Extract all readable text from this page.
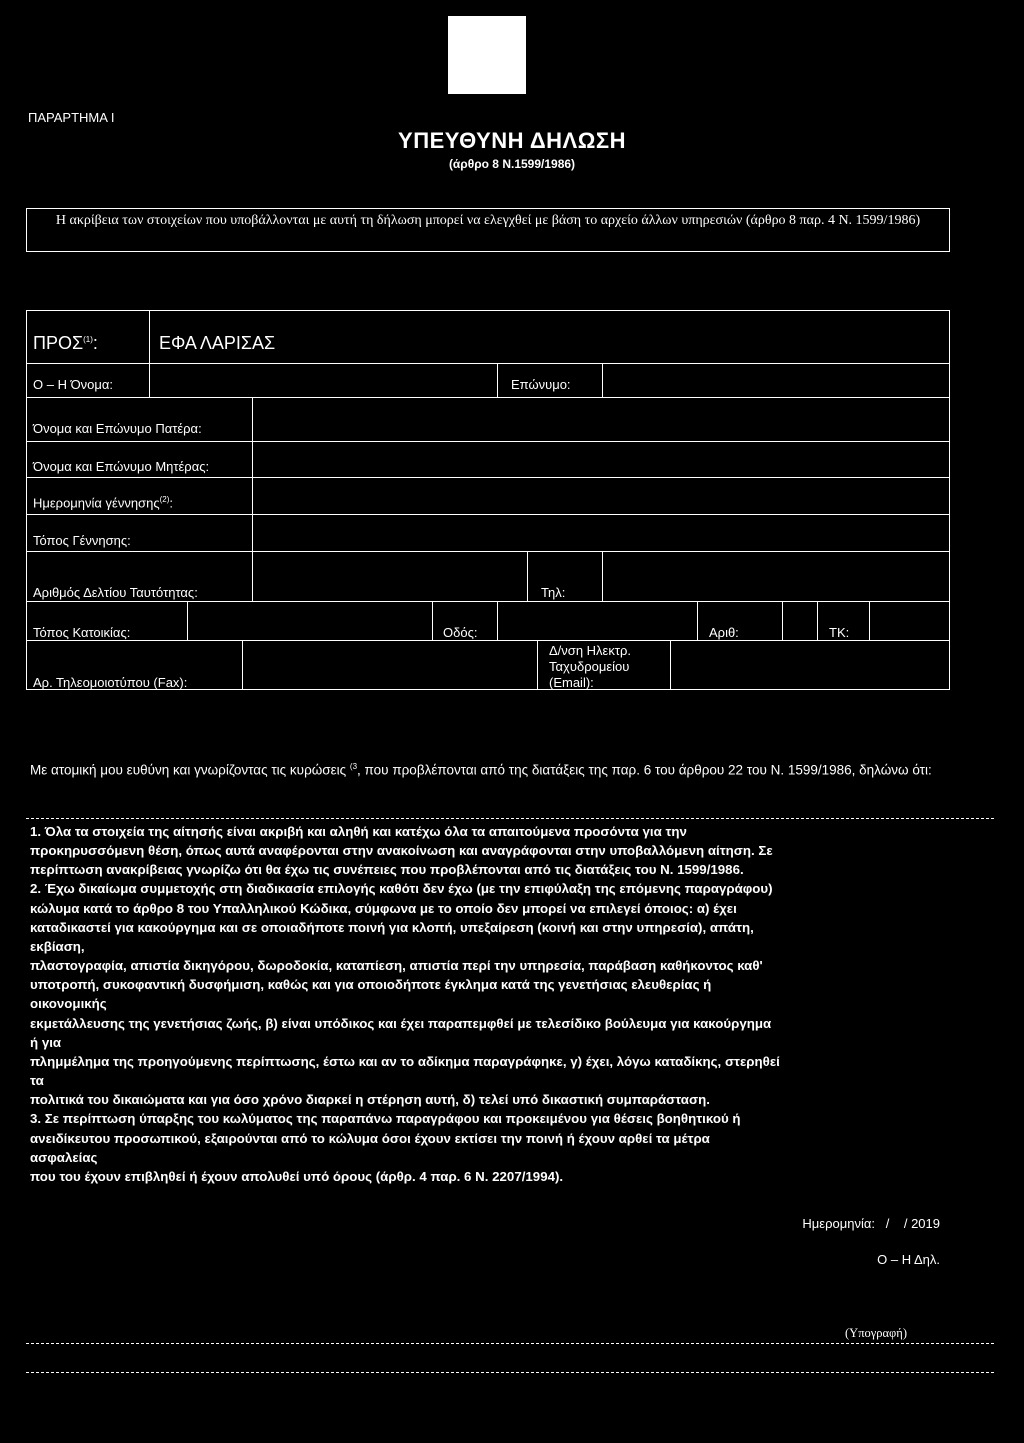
ΠΑΡΑΡΤΗΜΑ Ι
ΥΠΕΥΘΥΝΗ ΔΗΛΩΣΗ
(άρθρο 8 Ν.1599/1986)
Η ακρίβεια των στοιχείων που υποβάλλονται με αυτή τη δήλωση μπορεί να ελεγχθεί με βάση το αρχείο άλλων υπηρεσιών (άρθρο 8 παρ. 4 Ν. 1599/1986)
ΠΡΟΣ$^{(1)}$:	ΕΦΑ ΛΑΡΙΣΑΣ
Ο – Η Όνομα:	Επώνυμο:
Όνομα και Επώνυμο Πατέρα:
Όνομα και Επώνυμο Μητέρας:
Ημερομηνία γέννησης$^{(2)}$:
Τόπος Γέννησης:
Αριθμός Δελτίου Ταυτότητας:	Τηλ:
Τόπος Κατοικίας:	Οδός:	Αριθ:	ΤΚ:
Αρ. Τηλεομοιοτύπου (Fax):
Δ/νση Ηλεκτρ.
Ταχυδρομείου
(Email):
Με ατομική μου ευθύνη και γνωρίζοντας τις κυρώσεις $^{(3}$, που προβλέπονται από της διατάξεις της παρ. 6 του άρθρου 22 του Ν. 1599/1986, δηλώνω ότι:

1. Όλα τα στοιχεία της αίτησής είναι ακριβή και αληθή και κατέχω όλα τα απαιτούμενα προσόντα για την

προκηρυσσόμενη θέση, όπως αυτά αναφέρονται στην ανακοίνωση και αναγράφονται στην υποβαλλόμενη αίτηση. Σε

περίπτωση ανακρίβειας γνωρίζω ότι θα έχω τις συνέπειες που προβλέπονται από τις διατάξεις του Ν. 1599/1986.

2. Έχω δικαίωμα συμμετοχής στη διαδικασία επιλογής καθότι δεν έχω (με την επιφύλαξη της επόμενης παραγράφου)

κώλυμα κατά το άρθρο 8 του Υπαλληλικού Κώδικα, σύμφωνα με το οποίο δεν μπορεί να επιλεγεί όποιος: α) έχει

καταδικαστεί για κακούργημα και σε οποιαδήποτε ποινή για κλοπή, υπεξαίρεση (κοινή και στην υπηρεσία), απάτη,

εκβίαση,

πλαστογραφία, απιστία δικηγόρου, δωροδοκία, καταπίεση, απιστία περί την υπηρεσία, παράβαση καθήκοντος καθ'

υποτροπή, συκοφαντική δυσφήμιση, καθώς και για οποιοδήποτε έγκλημα κατά της γενετήσιας ελευθερίας ή

οικονομικής

εκμετάλλευσης της γενετήσιας ζωής, β) είναι υπόδικος και έχει παραπεμφθεί με τελεσίδικο βούλευμα για κακούργημα

ή για

πλημμέλημα της προηγούμενης περίπτωσης, έστω και αν το αδίκημα παραγράφηκε, γ) έχει, λόγω καταδίκης, στερηθεί

τα

πολιτικά του δικαιώματα και για όσο χρόνο διαρκεί η στέρηση αυτή, δ) τελεί υπό δικαστική συμπαράσταση.

3. Σε περίπτωση ύπαρξης του κωλύματος της παραπάνω παραγράφου και προκειμένου για θέσεις βοηθητικού ή

ανειδίκευτου προσωπικού, εξαιρούνται από το κώλυμα όσοι έχουν εκτίσει την ποινή ή έχουν αρθεί τα μέτρα

ασφαλείας

που του έχουν επιβληθεί ή έχουν απολυθεί υπό όρους (άρθρ. 4 παρ. 6 Ν. 2207/1994).

Ημερομηνία:   /    / 2019
Ο – Η Δηλ.
(Υπογραφή)
